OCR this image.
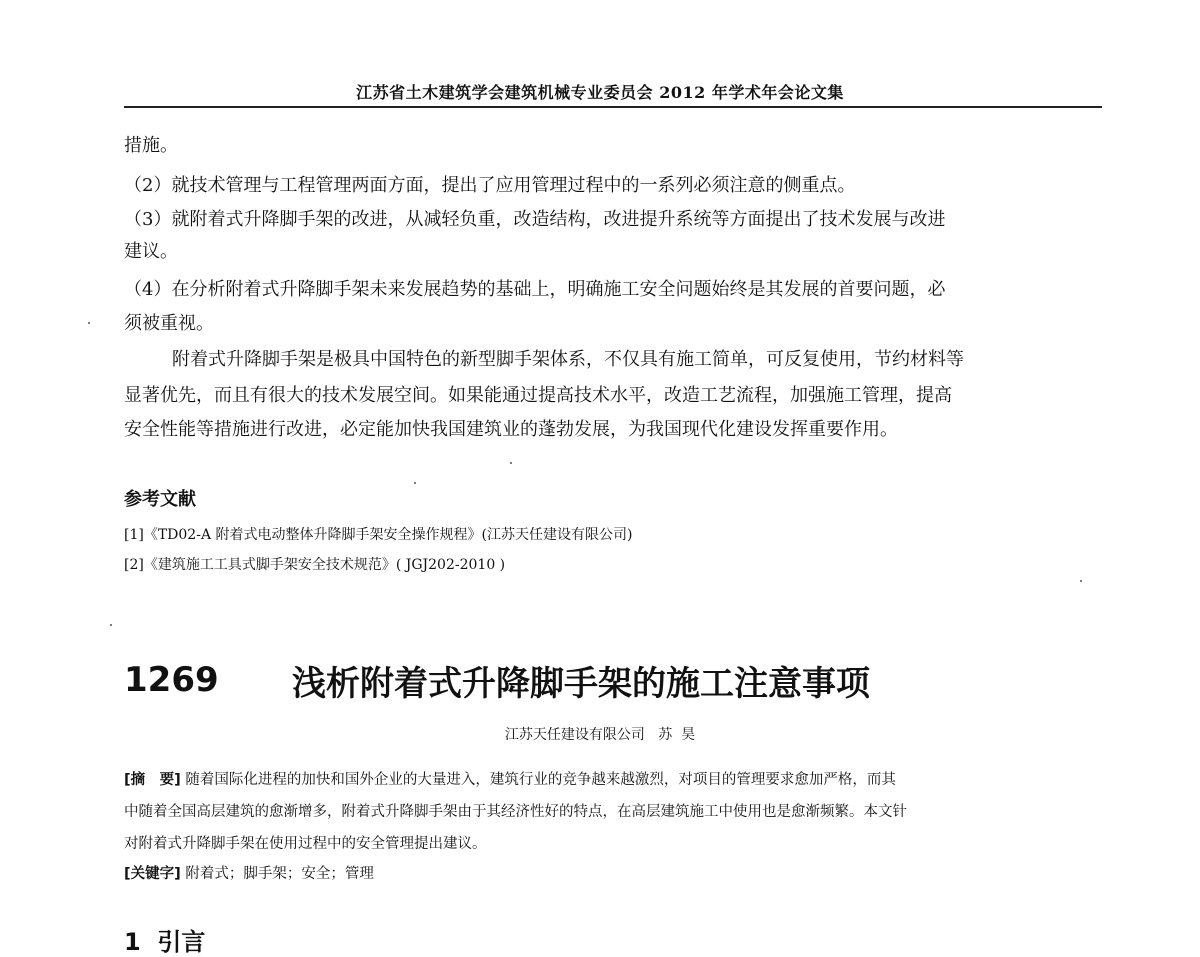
江苏省土木建筑学会建筑机械专业委员会 2012 年学术年会论文集
措施。
（2）就技术管理与工程管理两面方面，提出了应用管理过程中的一系列必须注意的侧重点。
（3）就附着式升降脚手架的改进，从减轻负重，改造结构，改进提升系统等方面提出了技术发展与改进
建议。
（4）在分析附着式升降脚手架未来发展趋势的基础上，明确施工安全问题始终是其发展的首要问题，必
须被重视。
附着式升降脚手架是极具中国特色的新型脚手架体系，不仅具有施工简单，可反复使用，节约材料等
显著优先，而且有很大的技术发展空间。如果能通过提高技术水平，改造工艺流程，加强施工管理，提高
安全性能等措施进行改进，必定能加快我国建筑业的蓬勃发展，为我国现代化建设发挥重要作用。
参考文献
[1]《TD02-A 附着式电动整体升降脚手架安全操作规程》(江苏天任建设有限公司)
[2]《建筑施工工具式脚手架安全技术规范》( JGJ202-2010 )
1269 浅析附着式升降脚手架的施工注意事项
江苏天任建设有限公司   苏  昊
[摘　要] 随着国际化进程的加快和国外企业的大量进入，建筑行业的竞争越来越激烈，对项目的管理要求愈加严格，而其
中随着全国高层建筑的愈渐增多，附着式升降脚手架由于其经济性好的特点，在高层建筑施工中使用也是愈渐频繁。本文针
对附着式升降脚手架在使用过程中的安全管理提出建议。
[关键字] 附着式；脚手架；安全；管理
1  引言
